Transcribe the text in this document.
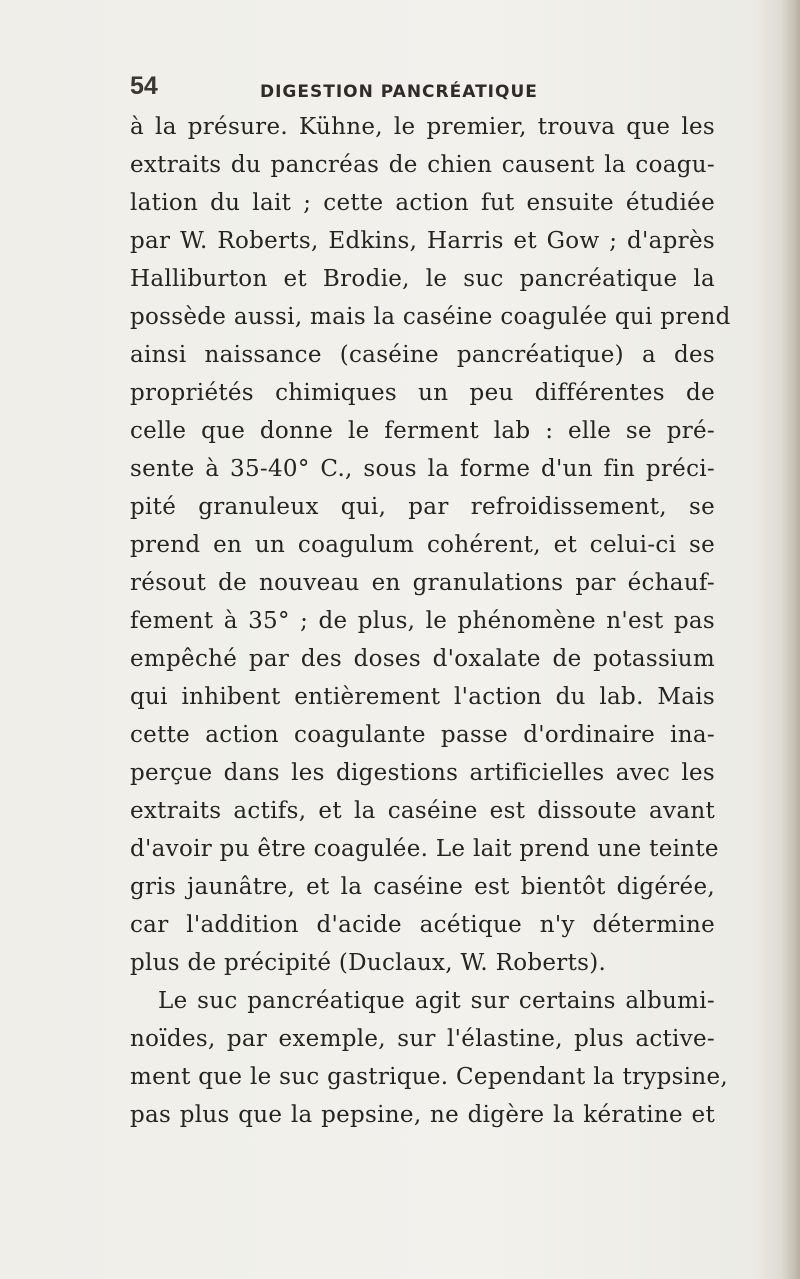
54	DIGESTION PANCRÉATIQUE
à la présure. Kühne, le premier, trouva que les
extraits du pancréas de chien causent la coagu-
lation du lait ; cette action fut ensuite étudiée
par W. Roberts, Edkins, Harris et Gow ; d'après
Halliburton et Brodie, le suc pancréatique la
possède aussi, mais la caséine coagulée qui prend
ainsi naissance (caséine pancréatique) a des
propriétés chimiques un peu différentes de
celle que donne le ferment lab : elle se pré-
sente à 35-40° C., sous la forme d'un fin préci-
pité granuleux qui, par refroidissement, se
prend en un coagulum cohérent, et celui-ci se
résout de nouveau en granulations par échauf-
fement à 35° ; de plus, le phénomène n'est pas
empêché par des doses d'oxalate de potassium
qui inhibent entièrement l'action du lab. Mais
cette action coagulante passe d'ordinaire ina-
perçue dans les digestions artificielles avec les
extraits actifs, et la caséine est dissoute avant
d'avoir pu être coagulée. Le lait prend une teinte
gris jaunâtre, et la caséine est bientôt digérée,
car l'addition d'acide acétique n'y détermine
plus de précipité (Duclaux, W. Roberts).
Le suc pancréatique agit sur certains albumi-
noïdes, par exemple, sur l'élastine, plus active-
ment que le suc gastrique. Cependant la trypsine,
pas plus que la pepsine, ne digère la kératine et
